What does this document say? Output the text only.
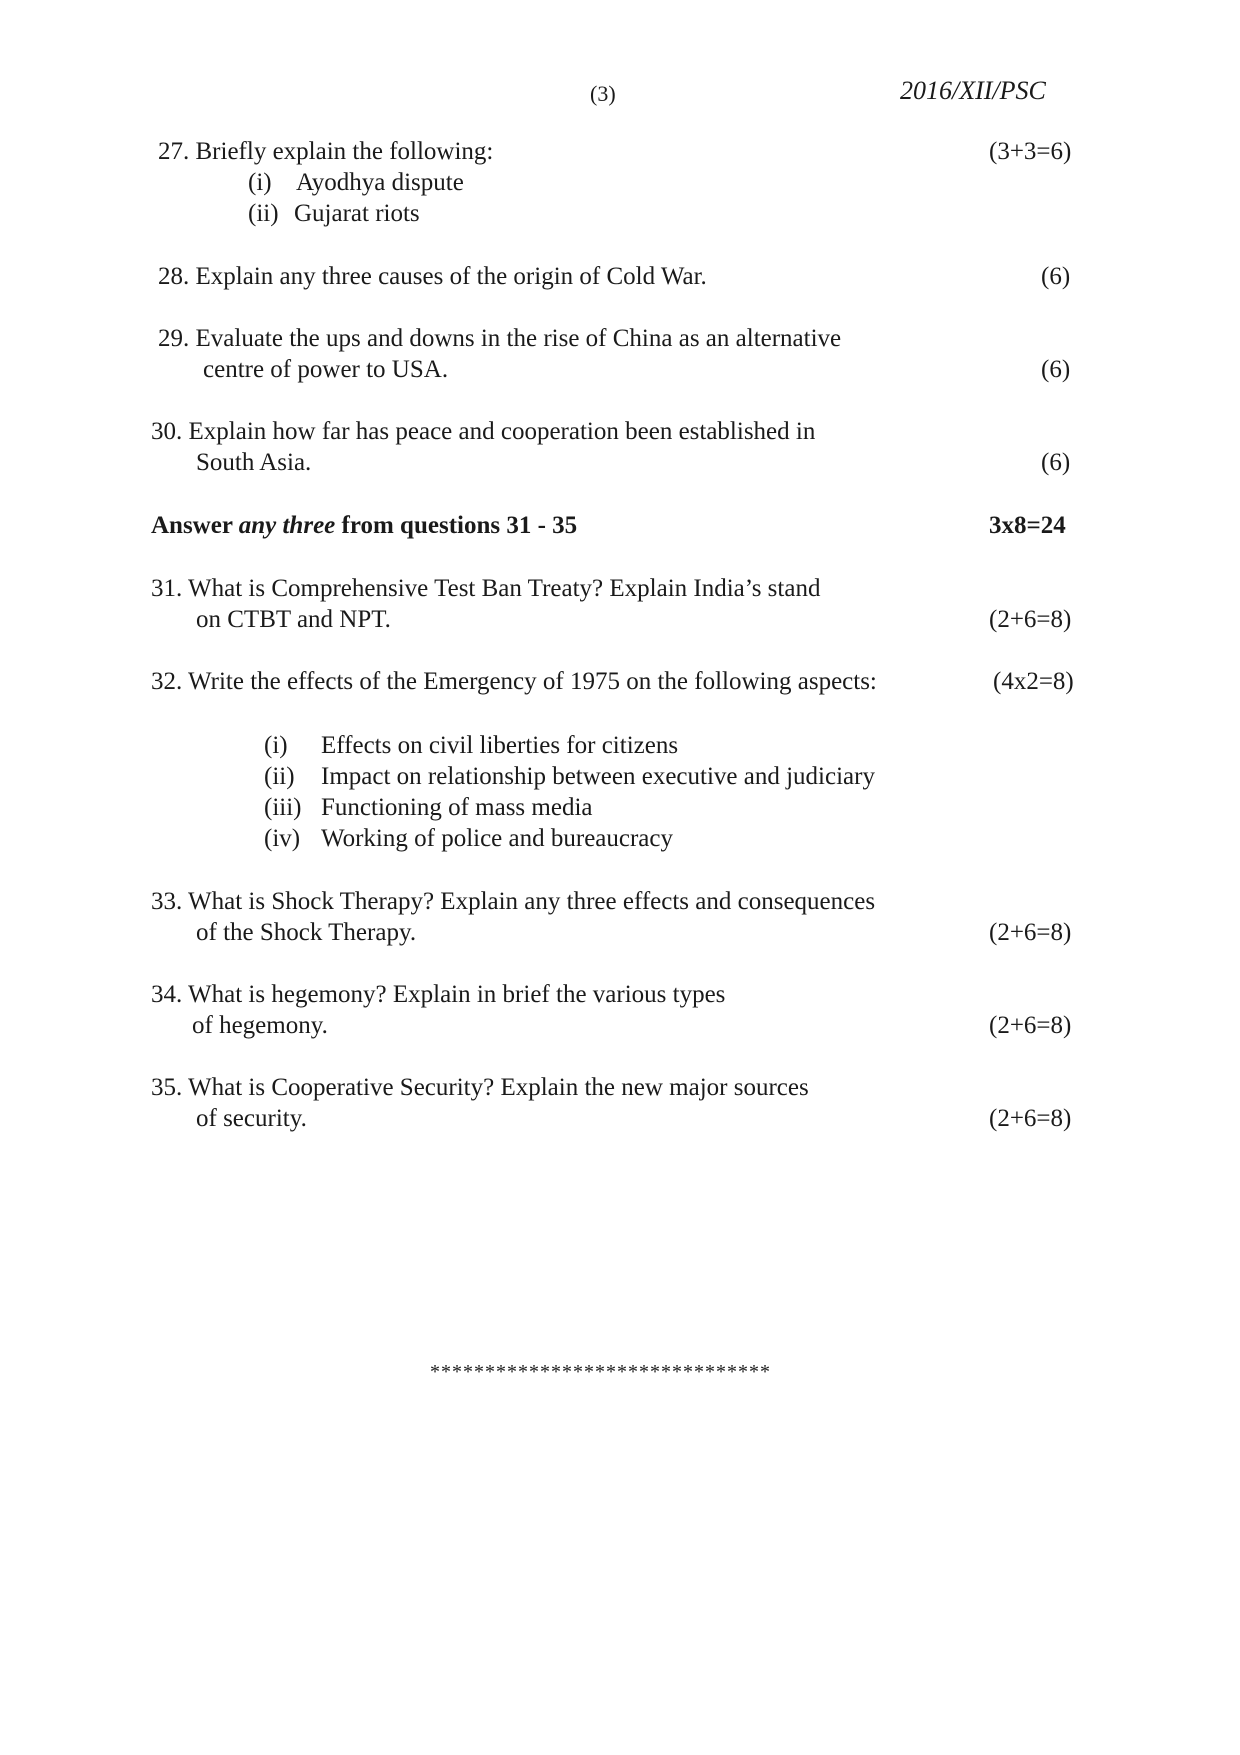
(3)	2016/XII/PSC
27. Briefly explain the following:	(3+3=6)
(i) Ayodhya dispute
(ii) Gujarat riots
28. Explain any three causes of the origin of Cold War.	(6)
29. Evaluate the ups and downs in the rise of China as an alternative
centre of power to USA.	(6)
30. Explain how far has peace and cooperation been established in
South Asia.	(6)
Answer any three from questions 31 - 35	3x8=24
31. What is Comprehensive Test Ban Treaty? Explain India’s stand
on CTBT and NPT.	(2+6=8)
32. Write the effects of the Emergency of 1975 on the following aspects:	(4x2=8)
(i) Effects on civil liberties for citizens
(ii) Impact on relationship between executive and judiciary
(iii) Functioning of mass media
(iv) Working of police and bureaucracy
33. What is Shock Therapy? Explain any three effects and consequences
of the Shock Therapy.	(2+6=8)
34. What is hegemony? Explain in brief the various types
of hegemony.	(2+6=8)
35. What is Cooperative Security? Explain the new major sources
of security.	(2+6=8)
*******************************
